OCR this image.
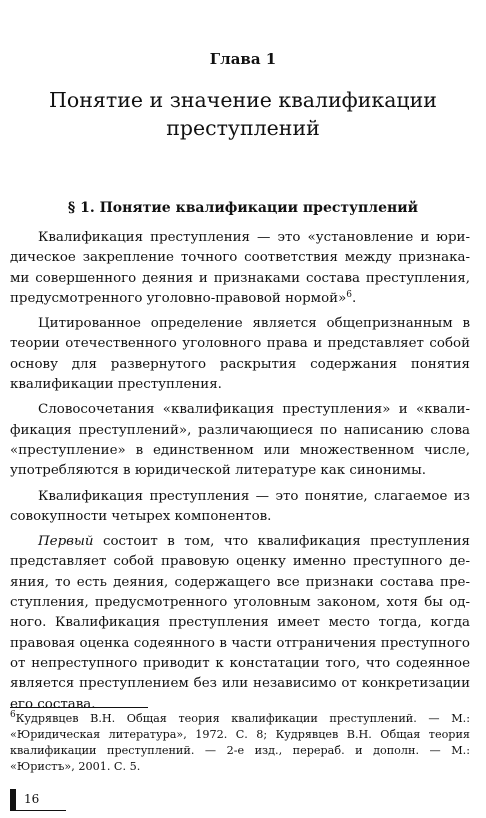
Глава 1
Понятие и значение квалификации
преступлений
§ 1. Понятие квалификации преступлений

Квалификация преступления — это «установление и юридическое закрепление точного соответствия между признаками совершенного деяния и признаками состава преступления, предусмотренного уголовно-правовой нормой»$^6$.

Цитированное определение является общепризнанным в теории отечественного уголовного права и представляет собой основу для развернутого раскрытия содержания понятия квалификации преступления.

Словосочетания «квалификация преступления» и «квалификация преступлений», различающиеся по написанию слова «преступление» в единственном или множественном числе, употребляются в юридической литературе как синонимы.

Квалификация преступления — это понятие, слагаемое из совокупности четырех компонентов.

Первый состоит в том, что квалификация преступления представляет собой правовую оценку именно преступного деяния, то есть деяния, содержащего все признаки состава преступления, предусмотренного уголовным законом, хотя бы одного. Квалификация преступления имеет место тогда, когда правовая оценка содеянного в части отграничения преступного от непреступного приводит к констатации того, что содеянное является преступлением без или независимо от конкретизации его состава.

$^6$Кудрявцев В.Н. Общая теория квалификации преступлений. — М.: «Юридическая литература», 1972. С. 8; Кудрявцев В.Н. Общая теория квалификации преступлений. — 2-е изд., перераб. и дополн. — М.: «Юристъ», 2001. С. 5.
16
